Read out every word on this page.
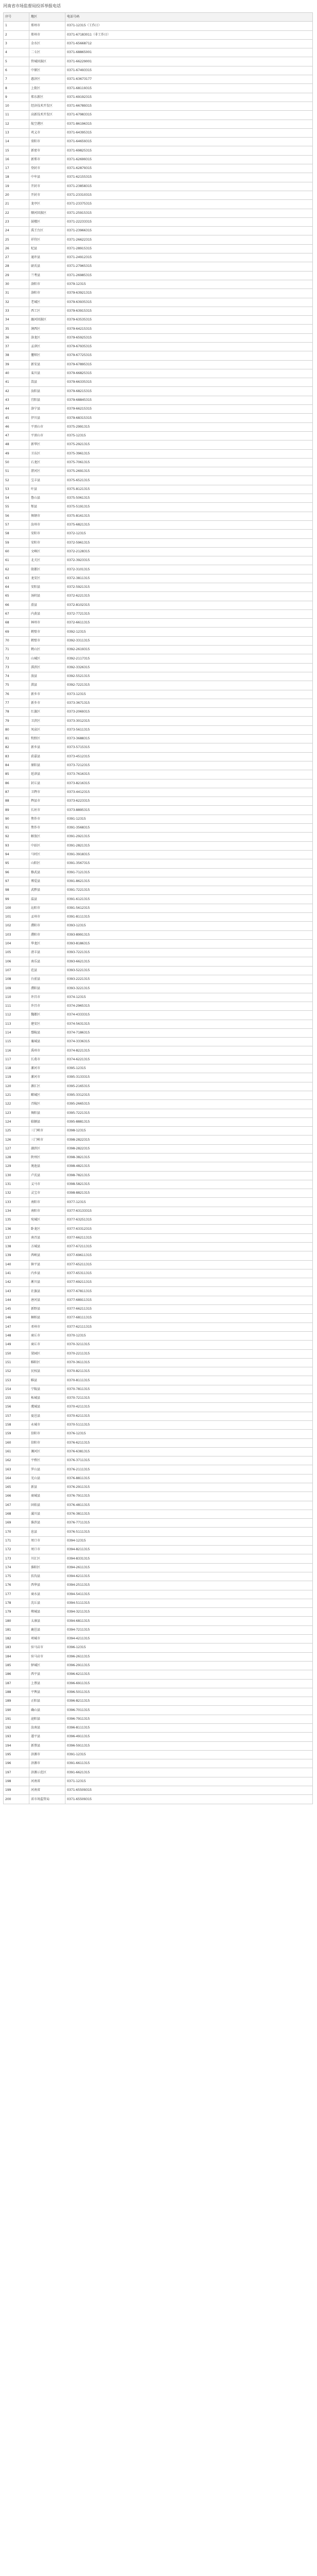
河南省市场监督局投诉举报电话
序号	地区	电话号码
1	郑州市	0371-12315（工作日）
2	郑州市	0371-67183011（非工作日）
3	金水区	0371-65668712
4	二七区	0371-68865001
5	管城回族区	0371-66229001
6	中原区	0371-67493315
7	惠济区	0371-63673177
8	上街区	0371-68119315
9	郑东新区	0371-69192315
10	经济技术开发区	0371-66789315
11	高新技术开发区	0371-67983315
12	航空港区	0371-86196315
13	巩义市	0371-64395315
14	荥阳市	0371-64659315
15	新密市	0371-69825315
16	新郑市	0371-62699315
17	登封市	0371-62879315
18	中牟县	0371-62155315
19	开封市	0371-23858315
20	开封市	0371-23310315
21	龙亭区	0371-23375315
22	顺河回族区	0371-25915315
23	鼓楼区	0371-22233315
24	禹王台区	0371-23966315
25	祥符区	0371-26622315
26	杞县	0371-28915315
27	通许县	0371-24912315
28	尉氏县	0371-27965315
29	兰考县	0371-26985315
30	洛阳市	0379-12315
31	洛阳市	0379-63921315
32	老城区	0379-63935315
33	西工区	0379-63915315
34	瀍河回族区	0379-63535315
35	涧西区	0379-64215315
36	洛龙区	0379-65925315
37	孟津区	0379-67935315
38	偃师区	0379-67725315
39	新安县	0379-67895315
40	栾川县	0379-66825315
41	嵩县	0379-66335315
42	汝阳县	0379-68215315
43	宜阳县	0379-68845315
44	洛宁县	0379-66215315
45	伊川县	0379-68315315
46	平顶山市	0375-2991315
47	平顶山市	0375-12315
48	新华区	0375-2921315
49	卫东区	0375-3961315
50	石龙区	0375-7061315
51	湛河区	0375-2691315
52	宝丰县	0375-6521315
53	叶县	0375-8121315
54	鲁山县	0375-5061315
55	郏县	0375-5191315
56	舞钢市	0375-8161315
57	汝州市	0375-6821315
58	安阳市	0372-12315
59	安阳市	0372-5961315
60	文峰区	0372-2128315
61	北关区	0372-3923315
62	殷都区	0372-3101315
63	龙安区	0372-3811315
64	安阳县	0372-5921315
65	汤阴县	0372-6221315
66	滑县	0372-8102315
67	内黄县	0372-7721315
68	林州市	0372-6611315
69	鹤壁市	0392-12315
70	鹤壁市	0392-3311315
71	鹤山区	0392-2619315
72	山城区	0392-2117315
73	淇滨区	0392-3326315
74	浚县	0392-5521315
75	淇县	0392-7221315
76	新乡市	0373-12315
77	新乡市	0373-3671315
78	红旗区	0373-2069315
79	卫滨区	0373-3012315
80	凤泉区	0373-5611315
81	牧野区	0373-3688315
82	新乡县	0373-5715315
83	获嘉县	0373-4512315
84	原阳县	0373-7212315
85	延津县	0373-7616315
86	封丘县	0373-8216315
87	卫辉市	0373-4412315
88	辉县市	0373-6223315
89	长垣市	0373-8895315
90	焦作市	0391-12315
91	焦作市	0391-3568315
92	解放区	0391-2921315
93	中站区	0391-2821315
94	马村区	0391-3918315
95	山阳区	0391-3567315
96	修武县	0391-7121315
97	博爱县	0391-8621315
98	武陟县	0391-7221315
99	温县	0391-6121315
100	沁阳市	0391-5612315
101	孟州市	0391-8111315
102	濮阳市	0393-12315
103	濮阳市	0393-8991315
104	华龙区	0393-8186315
105	清丰县	0393-7221315
106	南乐县	0393-6621315
107	范县	0393-5221315
108	台前县	0393-2221315
109	濮阳县	0393-3221315
110	许昌市	0374-12315
111	许昌市	0374-2965315
112	魏都区	0374-4333315
113	建安区	0374-5631315
114	鄢陵县	0374-7186315
115	襄城县	0374-3336315
116	禹州市	0374-8221315
117	长葛市	0374-6221315
118	漯河市	0395-12315
119	漯河市	0395-3133315
120	源汇区	0395-2165315
121	郾城区	0395-3312315
122	召陵区	0395-2665315
123	舞阳县	0395-7221315
124	临颍县	0395-8881315
125	三门峡市	0398-12315
126	三门峡市	0398-2822315
127	湖滨区	0398-2822315
128	陕州区	0398-3821315
129	渑池县	0398-4821315
130	卢氏县	0398-7821315
131	义马市	0398-5821315
132	灵宝市	0398-8821315
133	南阳市	0377-12315
134	南阳市	0377-63133315
135	宛城区	0377-63251315
136	卧龙区	0377-63312315
137	南召县	0377-66211315
138	方城县	0377-67211315
139	西峡县	0377-69611315
140	镇平县	0377-65211315
141	内乡县	0377-65311315
142	淅川县	0377-69211315
143	社旗县	0377-67811315
144	唐河县	0377-68911315
145	新野县	0377-66211315
146	桐柏县	0377-68111315
147	邓州市	0377-62111315
148	商丘市	0370-12315
149	商丘市	0370-3211315
150	梁园区	0370-2211315
151	睢阳区	0370-3611315
152	民权县	0370-8211315
153	睢县	0370-8111315
154	宁陵县	0370-7811315
155	柘城县	0370-7211315
156	虞城县	0370-4211315
157	夏邑县	0370-6211315
158	永城市	0370-5111315
159	信阳市	0376-12315
160	信阳市	0376-6211315
161	浉河区	0376-6381315
162	平桥区	0376-3711315
163	罗山县	0376-2111315
164	光山县	0376-8811315
165	新县	0376-2911315
166	商城县	0376-7911315
167	固始县	0376-4811315
168	潢川县	0376-3811315
169	淮滨县	0376-7711315
170	息县	0376-5111315
171	周口市	0394-12315
172	周口市	0394-8211315
173	川汇区	0394-8331315
174	淮阳区	0394-2611315
175	扶沟县	0394-6211315
176	西华县	0394-2511315
177	商水县	0394-5411315
178	沈丘县	0394-5111315
179	郸城县	0394-3211315
180	太康县	0394-6811315
181	鹿邑县	0394-7211315
182	项城市	0394-4211315
183	驻马店市	0396-12315
184	驻马店市	0396-2611315
185	驿城区	0396-2911315
186	西平县	0396-6211315
187	上蔡县	0396-6911315
188	平舆县	0396-5011315
189	正阳县	0396-8211315
190	确山县	0396-7011315
191	泌阳县	0396-7911315
192	汝南县	0396-8111315
193	遂平县	0396-4911315
194	新蔡县	0396-5911315
195	济源市	0391-12315
196	济源市	0391-6611315
197	济源示范区	0391-6621315
198	河南省	0371-12315
199	河南省	0371-65509315
200	省市场监管局	0371-65509315
